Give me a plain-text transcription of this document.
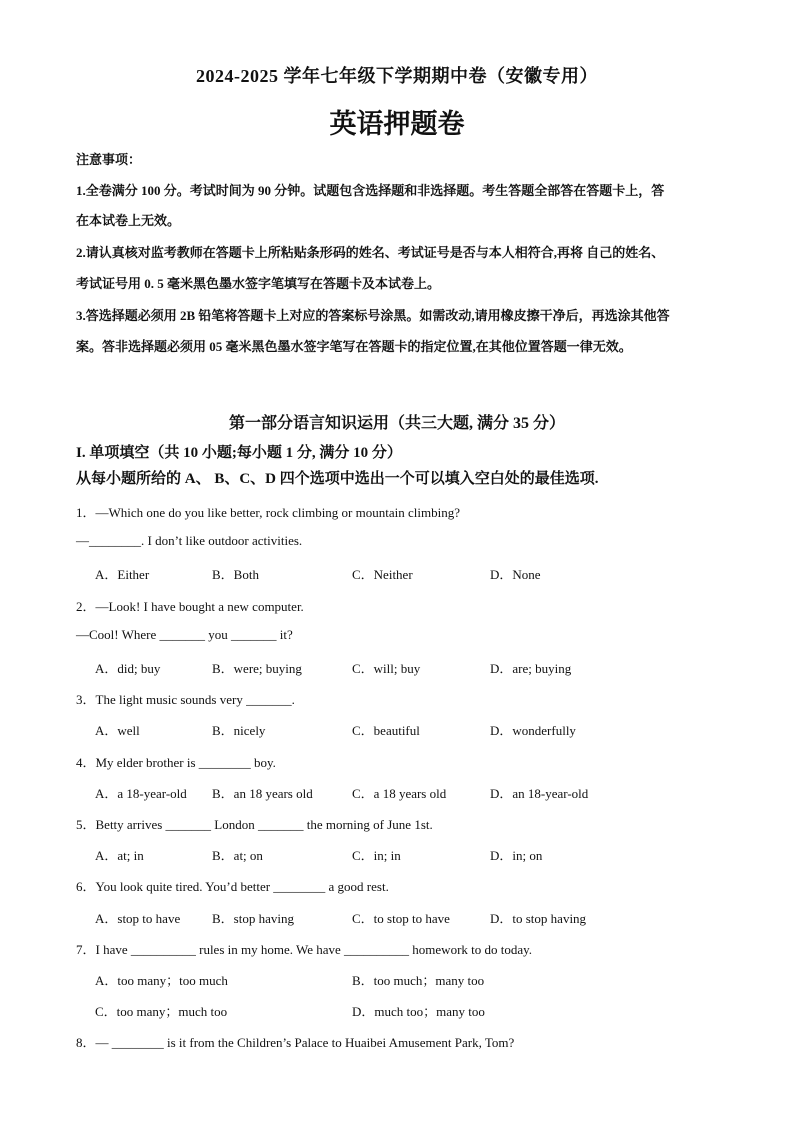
2024-2025 学年七年级下学期期中卷（安徽专用）
英语押题卷
注意事项：
1.全卷满分 100 分。考试时间为 90 分钟。试题包含选择题和非选择题。考生答题全部答在答题卡上，答
在本试卷上无效。
2.请认真核对监考教师在答题卡上所粘贴条形码的姓名、考试证号是否与本人相符合,再将 自己的姓名、
考试证号用 0. 5 毫米黑色墨水签字笔填写在答题卡及本试卷上。
3.答选择题必须用 2B 铅笔将答题卡上对应的答案标号涂黑。如需改动,请用橡皮擦干净后，再选涂其他答
案。答非选择题必须用 05 毫米黑色墨水签字笔写在答题卡的指定位置,在其他位置答题一律无效。
第一部分语言知识运用（共三大题, 满分 35 分）
I. 单项填空（共 10 小题;每小题 1 分, 满分 10 分）
从每小题所给的 A、 B、C、D 四个选项中选出一个可以填入空白处的最佳选项.
1．—Which one do you like better, rock climbing or mountain climbing?
—________. I don’t like outdoor activities.
A．Either	B．Both	C．Neither	D．None
2．—Look! I have bought a new computer.
—Cool! Where _______ you _______ it?
A．did; buy	B．were; buying	C．will; buy	D．are; buying
3．The light music sounds very _______.
A．well	B．nicely	C．beautiful	D．wonderfully
4．My elder brother is ________ boy.
A．a 18-year-old B．an 18 years old	C．a 18 years old	D．an 18-year-old
5．Betty arrives _______ London _______ the morning of June 1st.
A．at; in	B．at; on	C．in; in	D．in; on
6．You look quite tired. You’d better ________ a good rest.
A．stop to have B．stop having	C．to stop to have	D．to stop having
7．I have __________ rules in my home. We have __________ homework to do today.
A．too many；too much	B．too much；many too
C．too many；much too	D．much too；many too
8．— ________ is it from the Children’s Palace to Huaibei Amusement Park, Tom?
